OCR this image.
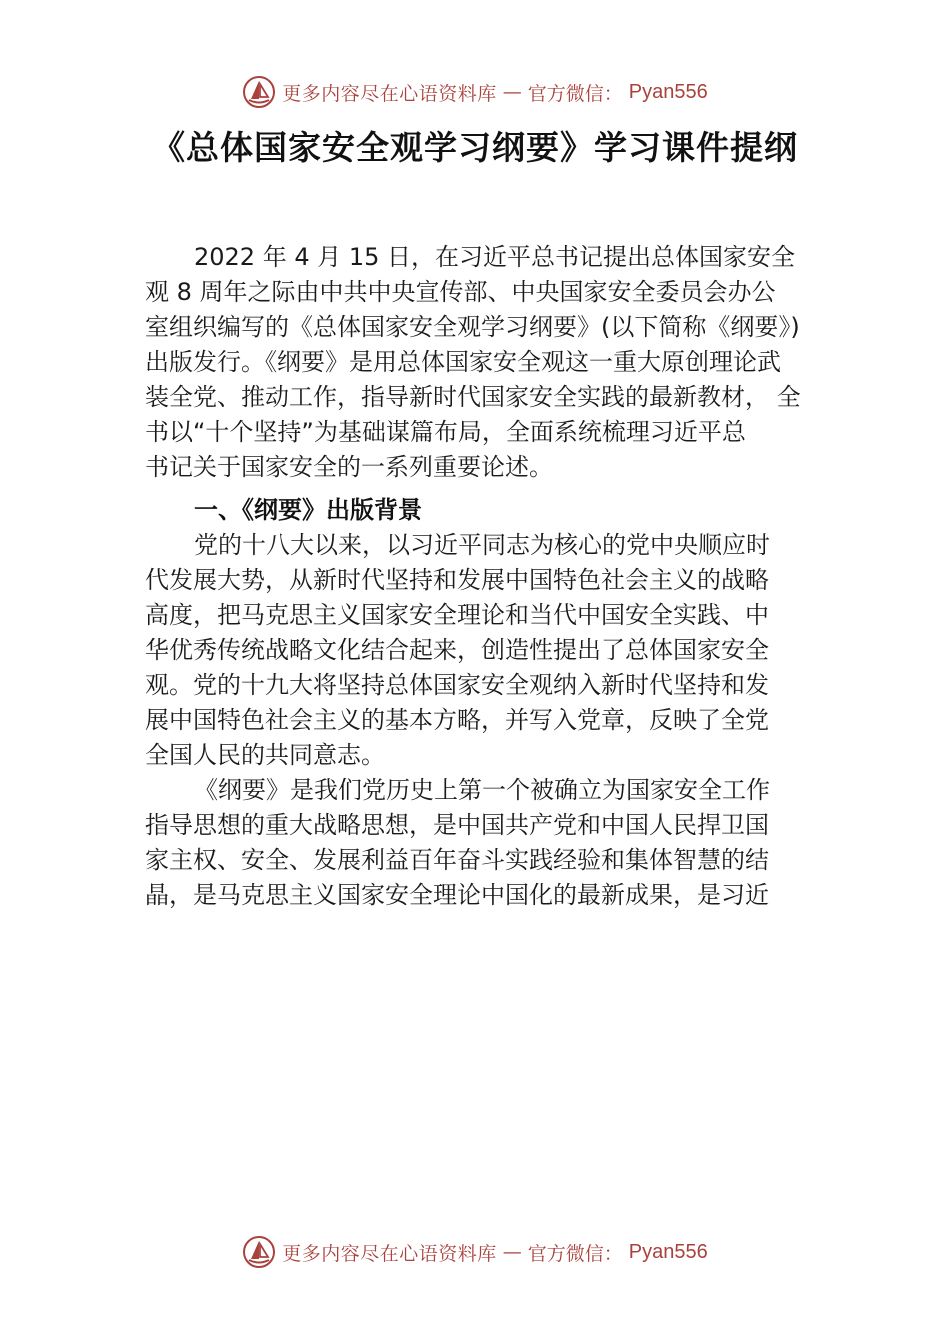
更多内容尽在心语资料库 — 官方微信： Pyan556
《总体国家安全观学习纲要》学习课件提纲
2022 年 4 月 15 日，在习近平总书记提出总体国家安全
观 8 周年之际由中共中央宣传部、中央国家安全委员会办公
室组织编写的《总体国家安全观学习纲要》(以下简称《纲要》)
出版发行。《纲要》是用总体国家安全观这一重大原创理论武
装全党、推动工作，指导新时代国家安全实践的最新教材， 全
书以“十个坚持”为基础谋篇布局，全面系统梳理习近平总
书记关于国家安全的一系列重要论述。
一、《纲要》出版背景
党的十八大以来，以习近平同志为核心的党中央顺应时
代发展大势，从新时代坚持和发展中国特色社会主义的战略
高度，把马克思主义国家安全理论和当代中国安全实践、中
华优秀传统战略文化结合起来，创造性提出了总体国家安全
观。党的十九大将坚持总体国家安全观纳入新时代坚持和发
展中国特色社会主义的基本方略，并写入党章，反映了全党
全国人民的共同意志。
《纲要》是我们党历史上第一个被确立为国家安全工作
指导思想的重大战略思想，是中国共产党和中国人民捍卫国
家主权、安全、发展利益百年奋斗实践经验和集体智慧的结
晶，是马克思主义国家安全理论中国化的最新成果，是习近
更多内容尽在心语资料库 — 官方微信： Pyan556
